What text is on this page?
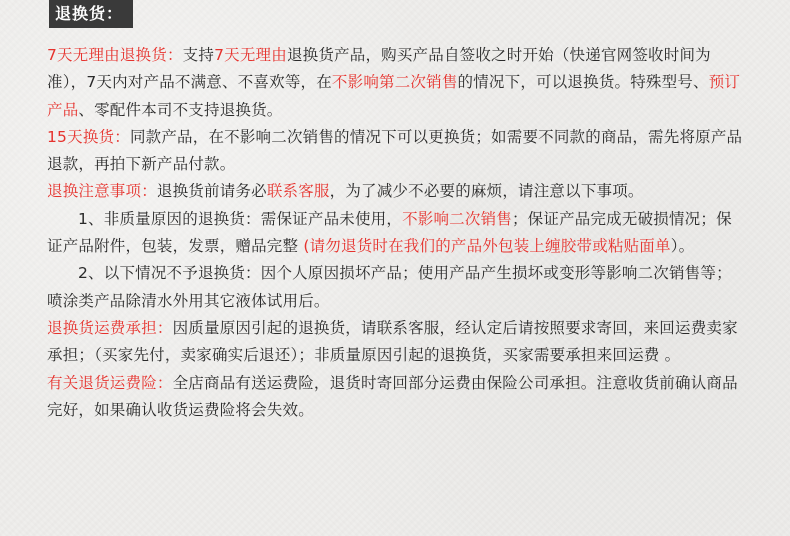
退换货：

7天无理由退换货：支持7天无理由退换货产品，购买产品自签收之时开始（快递官网签收时间为准），7天内对产品不满意、不喜欢等，在不影响第二次销售的情况下，可以退换货。特殊型号、预订产品、零配件本司不支持退换货。

15天换货：同款产品，在不影响二次销售的情况下可以更换货；如需要不同款的商品，需先将原产品退款，再拍下新产品付款。

退换注意事项：退换货前请务必联系客服，为了减少不必要的麻烦，请注意以下事项。

1、非质量原因的退换货：需保证产品未使用，不影响二次销售；保证产品完成无破损情况；保证产品附件，包装，发票，赠品完整 (请勿退货时在我们的产品外包装上缠胶带或粘贴面单）。

2、以下情况不予退换货：因个人原因损坏产品；使用产品产生损坏或变形等影响二次销售等；喷涂类产品除清水外用其它液体试用后。

退换货运费承担：因质量原因引起的退换货，请联系客服，经认定后请按照要求寄回，来回运费卖家承担；（买家先付，卖家确实后退还）；非质量原因引起的退换货，买家需要承担来回运费 。

有关退货运费险：全店商品有送运费险，退货时寄回部分运费由保险公司承担。注意收货前确认商品完好，如果确认收货运费险将会失效。
